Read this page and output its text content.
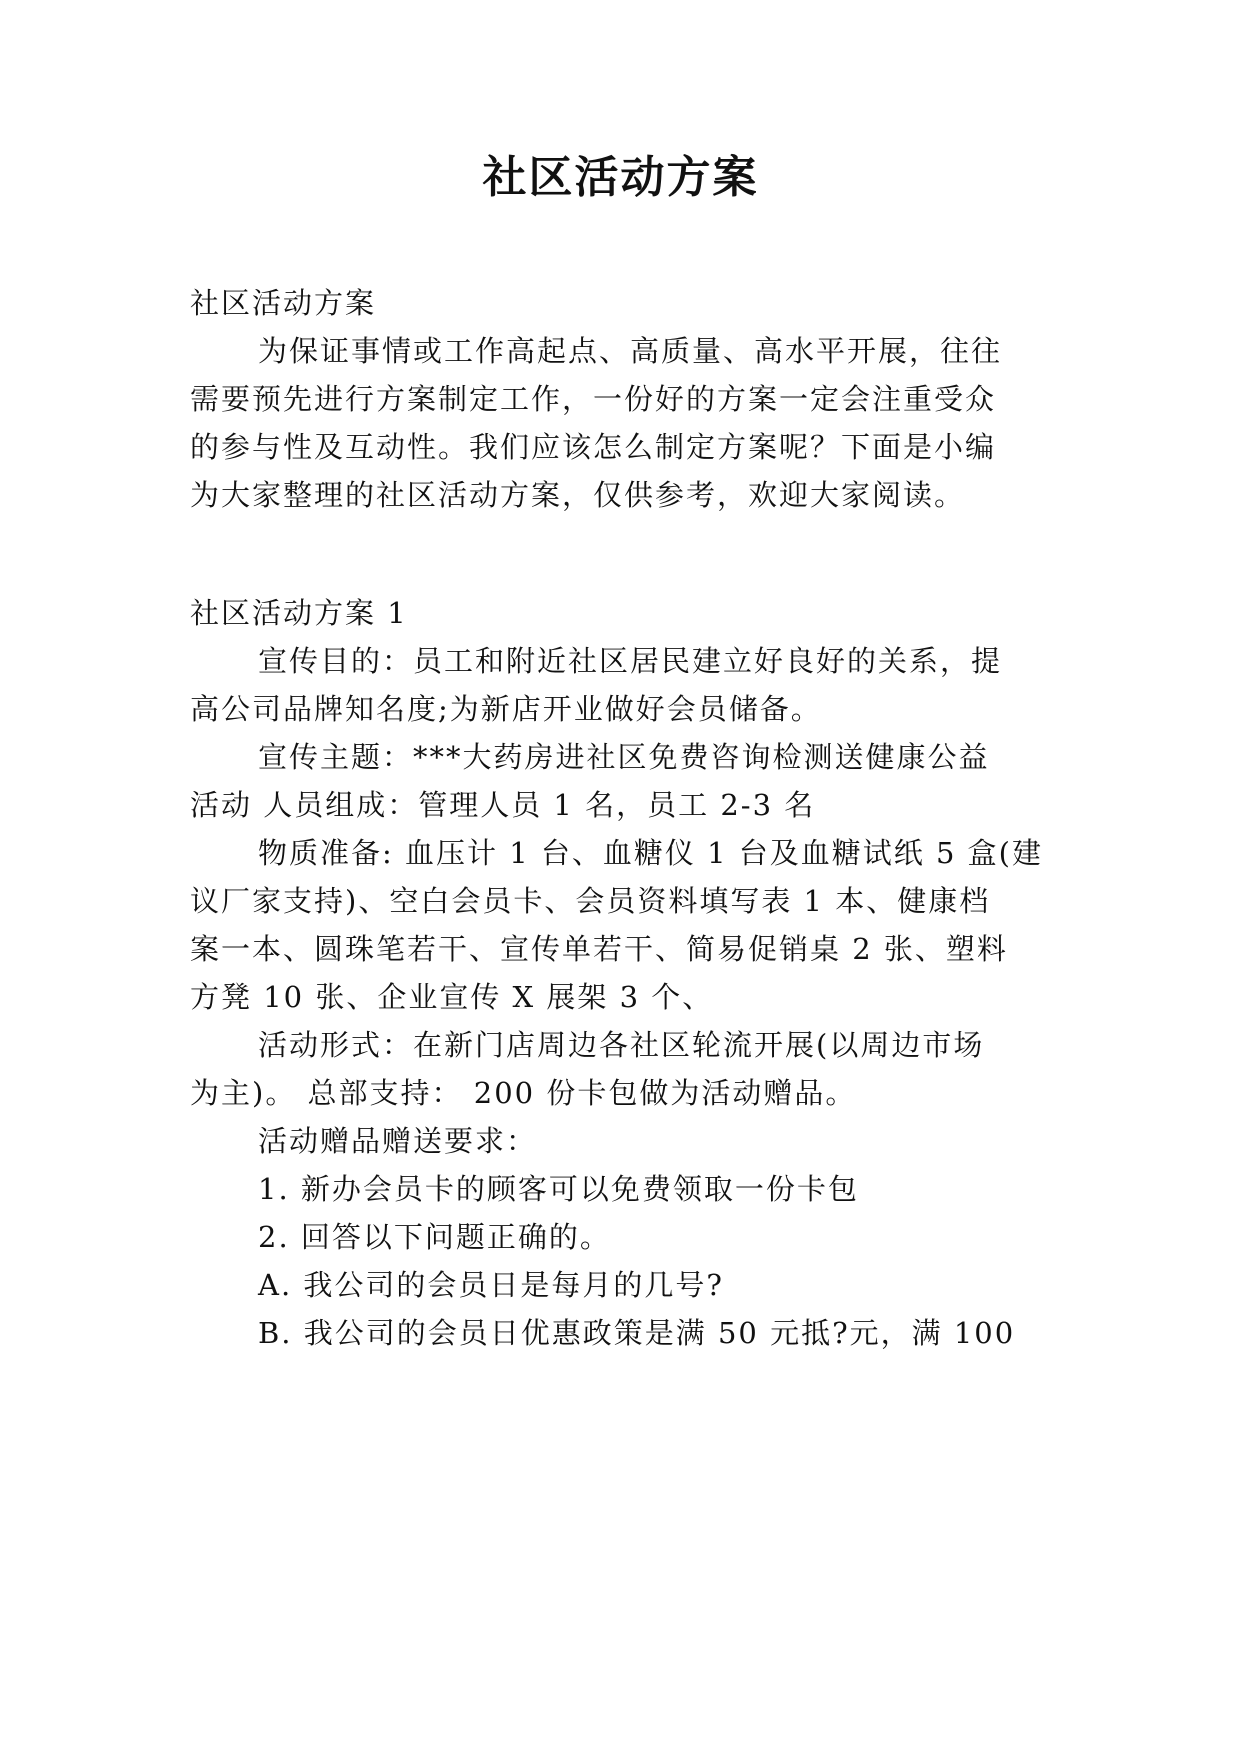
社区活动方案

社区活动方案

为保证事情或工作高起点、高质量、高水平开展，往往

需要预先进行方案制定工作，一份好的方案一定会注重受众

的参与性及互动性。我们应该怎么制定方案呢？下面是小编

为大家整理的社区活动方案，仅供参考，欢迎大家阅读。

社区活动方案 1

宣传目的：员工和附近社区居民建立好良好的关系，提

高公司品牌知名度;为新店开业做好会员储备。

宣传主题：***大药房进社区免费咨询检测送健康公益

活动 人员组成：管理人员 1 名，员工 2-3 名

物质准备: 血压计 1 台、血糖仪 1 台及血糖试纸 5 盒(建

议厂家支持)、空白会员卡、会员资料填写表 1 本、健康档

案一本、圆珠笔若干、宣传单若干、简易促销桌 2 张、塑料

方凳 10 张、企业宣传 X 展架 3 个、

活动形式：在新门店周边各社区轮流开展(以周边市场

为主)。 总部支持： 200 份卡包做为活动赠品。

活动赠品赠送要求：

1. 新办会员卡的顾客可以免费领取一份卡包

2. 回答以下问题正确的。

A. 我公司的会员日是每月的几号?

B. 我公司的会员日优惠政策是满 50 元抵?元，满 100
